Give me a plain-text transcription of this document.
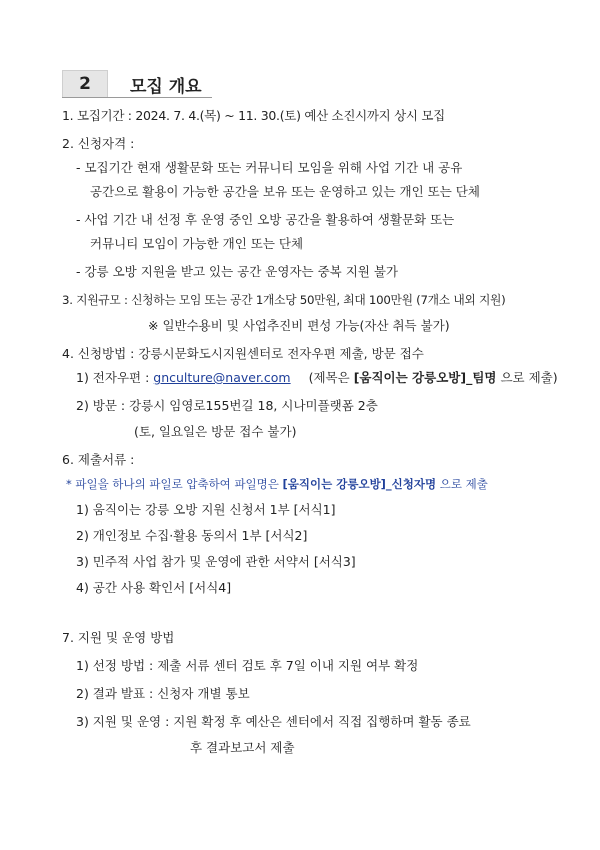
2	모집 개요
1. 모집기간 : 2024. 7. 4.(목) ~ 11. 30.(토) 예산 소진시까지 상시 모집
2. 신청자격 :
- 모집기간 현재 생활문화 또는 커뮤니티 모임을 위해 사업 기간 내 공유
공간으로 활용이 가능한 공간을 보유 또는 운영하고 있는 개인 또는 단체
- 사업 기간 내 선정 후 운영 중인 오방 공간을 활용하여 생활문화 또는
커뮤니티 모임이 가능한 개인 또는 단체
- 강릉 오방 지원을 받고 있는 공간 운영자는 중복 지원 불가
3. 지원규모 : 신청하는 모임 또는 공간 1개소당 50만원, 최대 100만원 (7개소 내외 지원)
※ 일반수용비 및 사업추진비 편성 가능(자산 취득 불가)
4. 신청방법 : 강릉시문화도시지원센터로 전자우편 제출, 방문 접수
1) 전자우편 : gnculture@naver.com (제목은 [움직이는 강릉오방]_팀명 으로 제출)
2) 방문 : 강릉시 임영로155번길 18, 시나미플랫폼 2층
(토, 일요일은 방문 접수 불가)
6. 제출서류 :
* 파일을 하나의 파일로 압축하여 파일명은 [움직이는 강릉오방]_신청자명 으로 제출
1) 움직이는 강릉 오방 지원 신청서 1부 [서식1]
2) 개인정보 수집·활용 동의서 1부 [서식2]
3) 민주적 사업 참가 및 운영에 관한 서약서 [서식3]
4) 공간 사용 확인서 [서식4]
7. 지원 및 운영 방법
1) 선정 방법 : 제출 서류 센터 검토 후 7일 이내 지원 여부 확정
2) 결과 발표 : 신청자 개별 통보
3) 지원 및 운영 : 지원 확정 후 예산은 센터에서 직접 집행하며 활동 종료
후 결과보고서 제출
